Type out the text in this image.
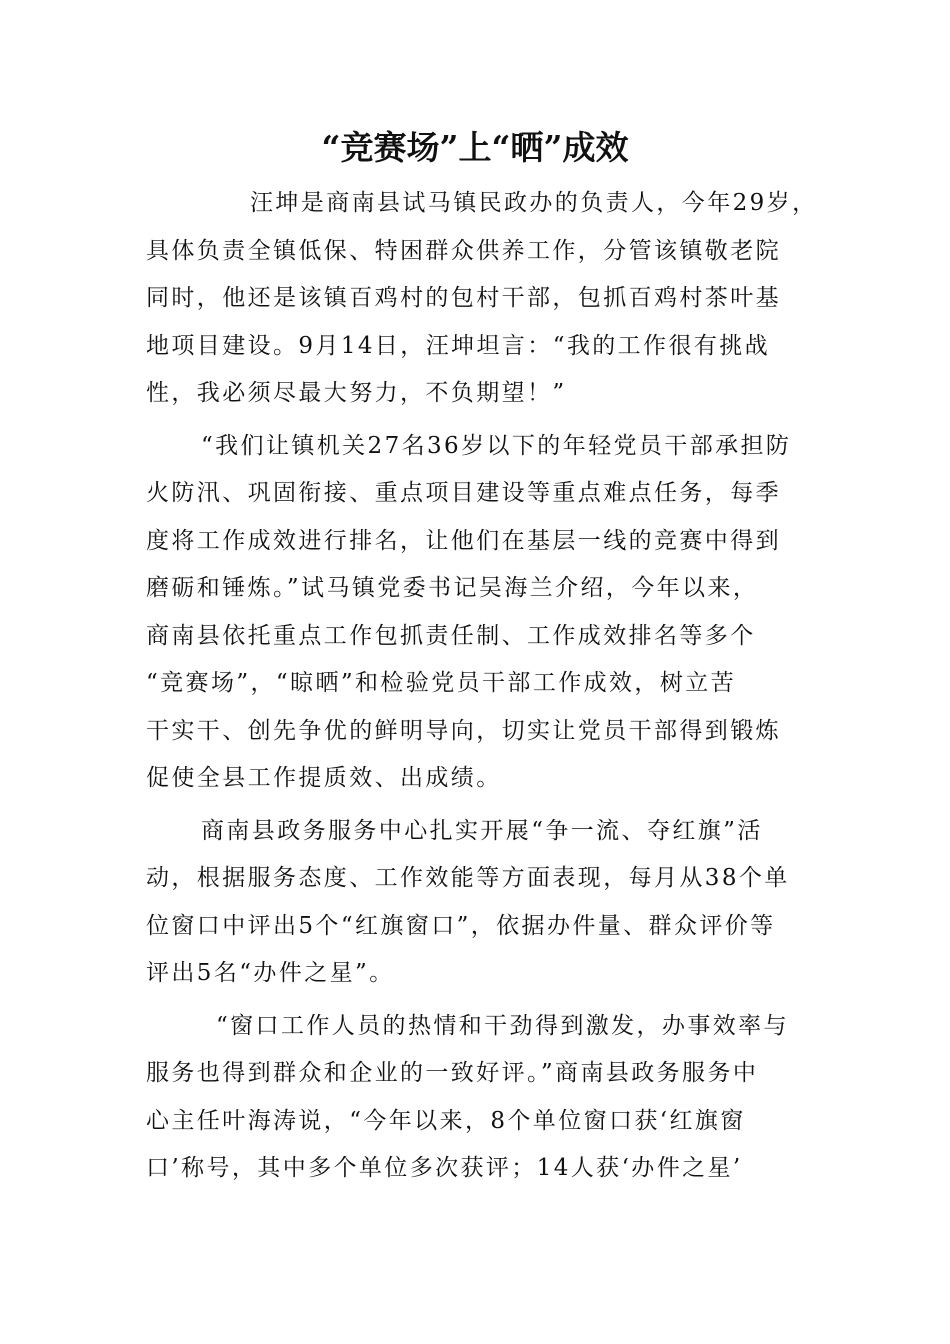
“竞赛场”上“晒”成效
汪坤是商南县试马镇民政办的负责人，今年29岁，
具体负责全镇低保、特困群众供养工作，分管该镇敬老院
同时，他还是该镇百鸡村的包村干部，包抓百鸡村茶叶基
地项目建设。9月14日，汪坤坦言：“我的工作很有挑战
性，我必须尽最大努力，不负期望！”
“我们让镇机关27名36岁以下的年轻党员干部承担防
火防汛、巩固衔接、重点项目建设等重点难点任务，每季
度将工作成效进行排名，让他们在基层一线的竞赛中得到
磨砺和锤炼。”试马镇党委书记吴海兰介绍，今年以来，
商南县依托重点工作包抓责任制、工作成效排名等多个
“竞赛场”，“晾晒”和检验党员干部工作成效，树立苦
干实干、创先争优的鲜明导向，切实让党员干部得到锻炼
促使全县工作提质效、出成绩。
商南县政务服务中心扎实开展“争一流、夺红旗”活
动，根据服务态度、工作效能等方面表现，每月从38个单
位窗口中评出5个“红旗窗口”，依据办件量、群众评价等
评出5名“办件之星”。
“窗口工作人员的热情和干劲得到激发，办事效率与
服务也得到群众和企业的一致好评。”商南县政务服务中
心主任叶海涛说，“今年以来，8个单位窗口获‘红旗窗
口’称号，其中多个单位多次获评；14人获‘办件之星’
